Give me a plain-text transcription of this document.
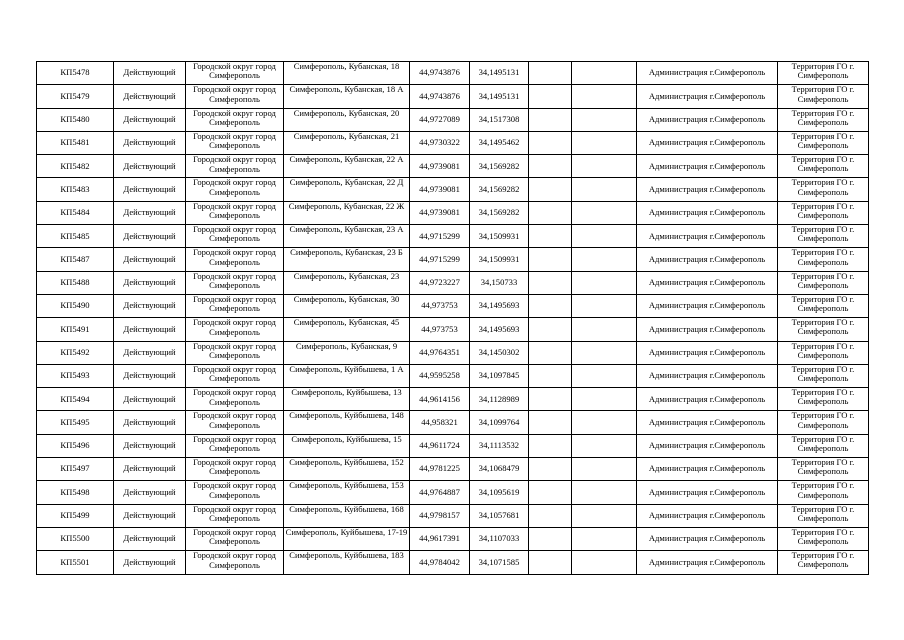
КП5478	Действующий	Городской округ город Симферополь	Симферополь, Кубанская, 18	44,9743876	34,1495131			Администрация г.Симферополь	Территория ГО г. Симферополь
КП5479	Действующий	Городской округ город Симферополь	Симферополь, Кубанская, 18 А	44,9743876	34,1495131			Администрация г.Симферополь	Территория ГО г. Симферополь
КП5480	Действующий	Городской округ город Симферополь	Симферополь, Кубанская, 20	44,9727089	34,1517308			Администрация г.Симферополь	Территория ГО г. Симферополь
КП5481	Действующий	Городской округ город Симферополь	Симферополь, Кубанская, 21	44,9730322	34,1495462			Администрация г.Симферополь	Территория ГО г. Симферополь
КП5482	Действующий	Городской округ город Симферополь	Симферополь, Кубанская, 22 А	44,9739081	34,1569282			Администрация г.Симферополь	Территория ГО г. Симферополь
КП5483	Действующий	Городской округ город Симферополь	Симферополь, Кубанская, 22 Д	44,9739081	34,1569282			Администрация г.Симферополь	Территория ГО г. Симферополь
КП5484	Действующий	Городской округ город Симферополь	Симферополь, Кубанская, 22 Ж	44,9739081	34,1569282			Администрация г.Симферополь	Территория ГО г. Симферополь
КП5485	Действующий	Городской округ город Симферополь	Симферополь, Кубанская, 23 А	44,9715299	34,1509931			Администрация г.Симферополь	Территория ГО г. Симферополь
КП5487	Действующий	Городской округ город Симферополь	Симферополь, Кубанская, 23 Б	44,9715299	34,1509931			Администрация г.Симферополь	Территория ГО г. Симферополь
КП5488	Действующий	Городской округ город Симферополь	Симферополь, Кубанская, 23	44,9723227	34,150733			Администрация г.Симферополь	Территория ГО г. Симферополь
КП5490	Действующий	Городской округ город Симферополь	Симферополь, Кубанская, 30	44,973753	34,1495693			Администрация г.Симферополь	Территория ГО г. Симферополь
КП5491	Действующий	Городской округ город Симферополь	Симферополь, Кубанская, 45	44,973753	34,1495693			Администрация г.Симферополь	Территория ГО г. Симферополь
КП5492	Действующий	Городской округ город Симферополь	Симферополь, Кубанская, 9	44,9764351	34,1450302			Администрация г.Симферополь	Территория ГО г. Симферополь
КП5493	Действующий	Городской округ город Симферополь	Симферополь, Куйбышева, 1 А	44,9595258	34,1097845			Администрация г.Симферополь	Территория ГО г. Симферополь
КП5494	Действующий	Городской округ город Симферополь	Симферополь, Куйбышева, 13	44,9614156	34,1128989			Администрация г.Симферополь	Территория ГО г. Симферополь
КП5495	Действующий	Городской округ город Симферополь	Симферополь, Куйбышева, 148	44,958321	34,1099764			Администрация г.Симферополь	Территория ГО г. Симферополь
КП5496	Действующий	Городской округ город Симферополь	Симферополь, Куйбышева, 15	44,9611724	34,1113532			Администрация г.Симферополь	Территория ГО г. Симферополь
КП5497	Действующий	Городской округ город Симферополь	Симферополь, Куйбышева, 152	44,9781225	34,1068479			Администрация г.Симферополь	Территория ГО г. Симферополь
КП5498	Действующий	Городской округ город Симферополь	Симферополь, Куйбышева, 153	44,9764887	34,1095619			Администрация г.Симферополь	Территория ГО г. Симферополь
КП5499	Действующий	Городской округ город Симферополь	Симферополь, Куйбышева, 168	44,9798157	34,1057681			Администрация г.Симферополь	Территория ГО г. Симферополь
КП5500	Действующий	Городской округ город Симферополь	Симферополь, Куйбышева, 17-19	44,9617391	34,1107033			Администрация г.Симферополь	Территория ГО г. Симферополь
КП5501	Действующий	Городской округ город Симферополь	Симферополь, Куйбышева, 183	44,9784042	34,1071585			Администрация г.Симферополь	Территория ГО г. Симферополь
